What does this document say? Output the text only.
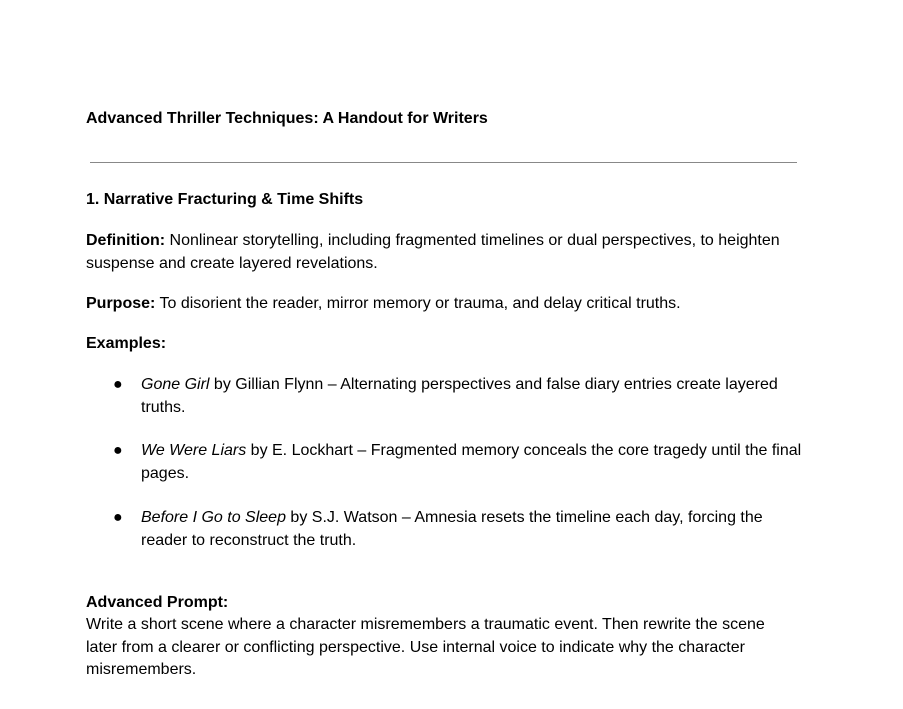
Advanced Thriller Techniques: A Handout for Writers
1. Narrative Fracturing & Time Shifts
Definition: Nonlinear storytelling, including fragmented timelines or dual perspectives, to heighten suspense and create layered revelations.
Purpose: To disorient the reader, mirror memory or trauma, and delay critical truths.
Examples:
● Gone Girl by Gillian Flynn – Alternating perspectives and false diary entries create layered truths.
● We Were Liars by E. Lockhart – Fragmented memory conceals the core tragedy until the final pages.
● Before I Go to Sleep by S.J. Watson – Amnesia resets the timeline each day, forcing the reader to reconstruct the truth.
Advanced Prompt:
Write a short scene where a character misremembers a traumatic event. Then rewrite the scene later from a clearer or conflicting perspective. Use internal voice to indicate why the character misremembers.
